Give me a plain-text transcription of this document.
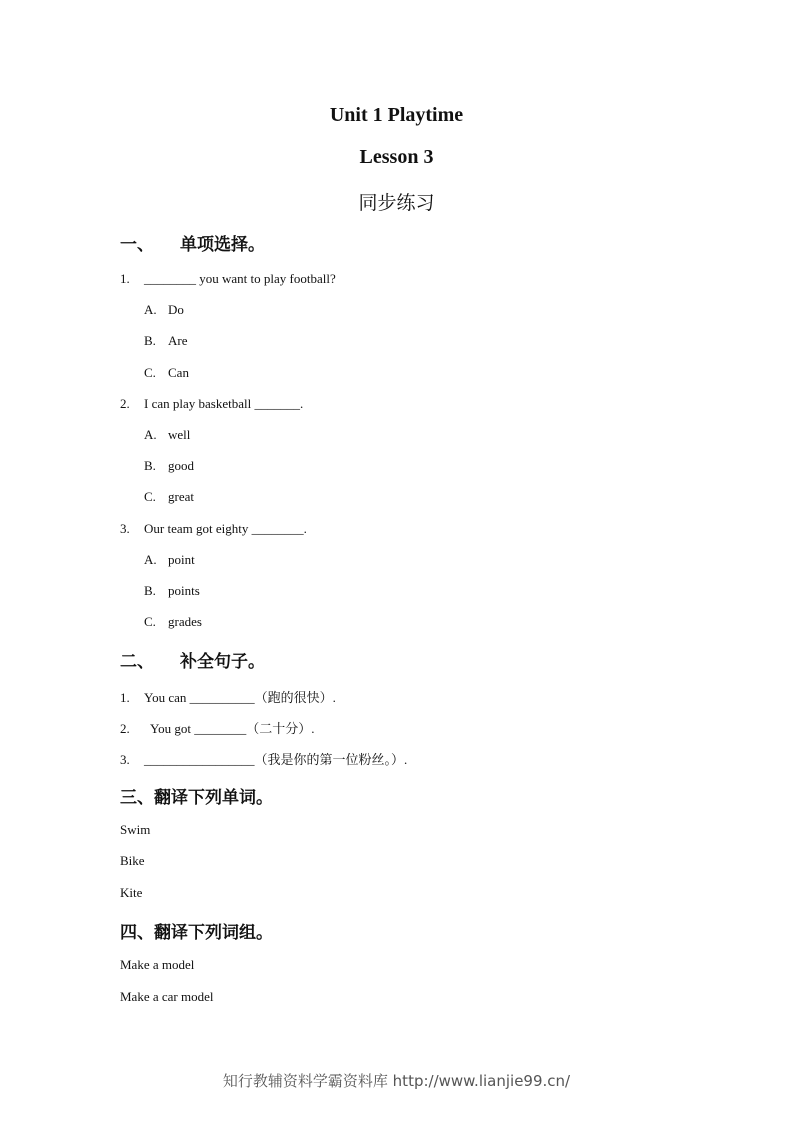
Unit 1 Playtime
Lesson 3
同步练习
一、 单项选择。
1. ________ you want to play football?
A. Do
B. Are
C. Can
2. I can play basketball _______.
A. well
B. good
C. great
3. Our team got eighty ________.
A. point
B. points
C. grades
二、 补全句子。
1. You can __________（跑的很快）.
2. You got ________（二十分）.
3. _________________（我是你的第一位粉丝。）.
三、翻译下列单词。
Swim
Bike
Kite
四、翻译下列词组。
Make a model
Make a car model
知行教辅资料学霸资料库 http://www.lianjie99.cn/
